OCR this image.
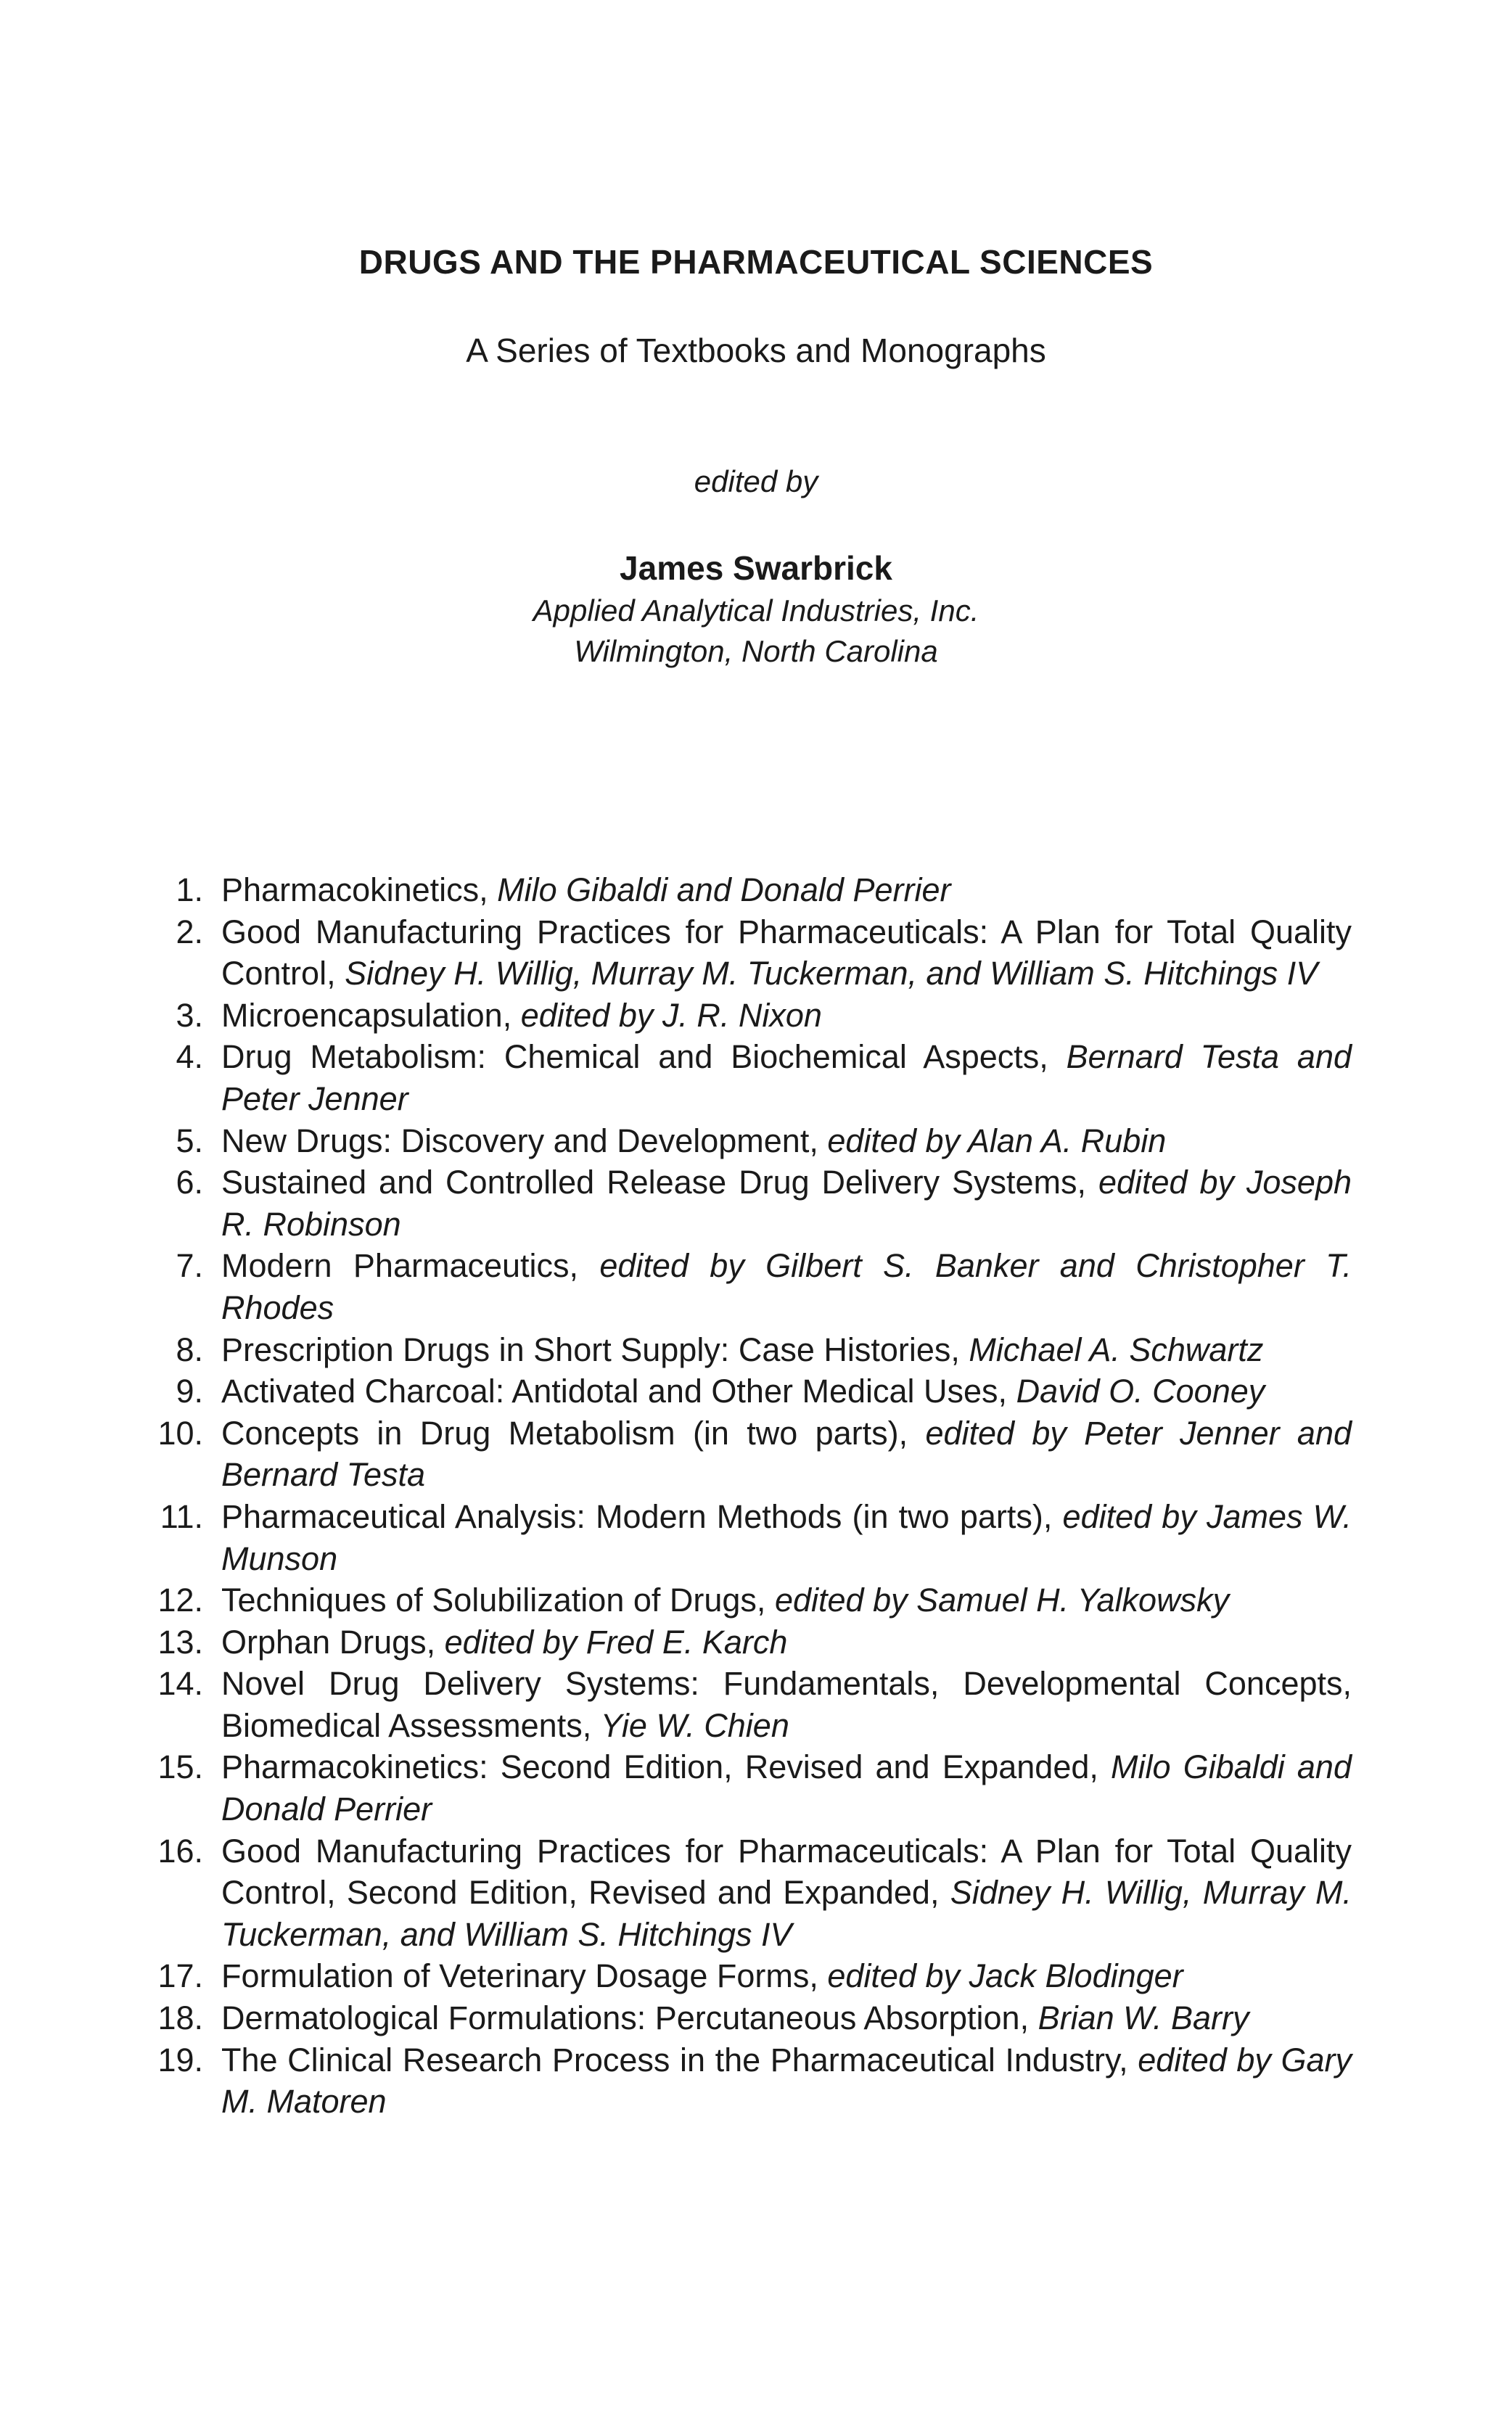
DRUGS AND THE PHARMACEUTICAL SCIENCES
A Series of Textbooks and Monographs
edited by
James Swarbrick
Applied Analytical Industries, Inc.
Wilmington, North Carolina
1. Pharmacokinetics, Milo Gibaldi and Donald Perrier
2. Good Manufacturing Practices for Pharmaceuticals: A Plan for Total Quality Control, Sidney H. Willig, Murray M. Tuckerman, and William S. Hitchings IV
3. Microencapsulation, edited by J. R. Nixon
4. Drug Metabolism: Chemical and Biochemical Aspects, Bernard Testa and Peter Jenner
5. New Drugs: Discovery and Development, edited by Alan A. Rubin
6. Sustained and Controlled Release Drug Delivery Systems, edited by Joseph R. Robinson
7. Modern Pharmaceutics, edited by Gilbert S. Banker and Christopher T. Rhodes
8. Prescription Drugs in Short Supply: Case Histories, Michael A. Schwartz
9. Activated Charcoal: Antidotal and Other Medical Uses, David O. Cooney
10. Concepts in Drug Metabolism (in two parts), edited by Peter Jenner and Bernard Testa
11. Pharmaceutical Analysis: Modern Methods (in two parts), edited by James W. Munson
12. Techniques of Solubilization of Drugs, edited by Samuel H. Yalkowsky
13. Orphan Drugs, edited by Fred E. Karch
14. Novel Drug Delivery Systems: Fundamentals, Developmental Concepts, Biomedical Assessments, Yie W. Chien
15. Pharmacokinetics: Second Edition, Revised and Expanded, Milo Gibaldi and Donald Perrier
16. Good Manufacturing Practices for Pharmaceuticals: A Plan for Total Quality Control, Second Edition, Revised and Expanded, Sidney H. Willig, Murray M. Tuckerman, and William S. Hitchings IV
17. Formulation of Veterinary Dosage Forms, edited by Jack Blodinger
18. Dermatological Formulations: Percutaneous Absorption, Brian W. Barry
19. The Clinical Research Process in the Pharmaceutical Industry, edited by Gary M. Matoren
